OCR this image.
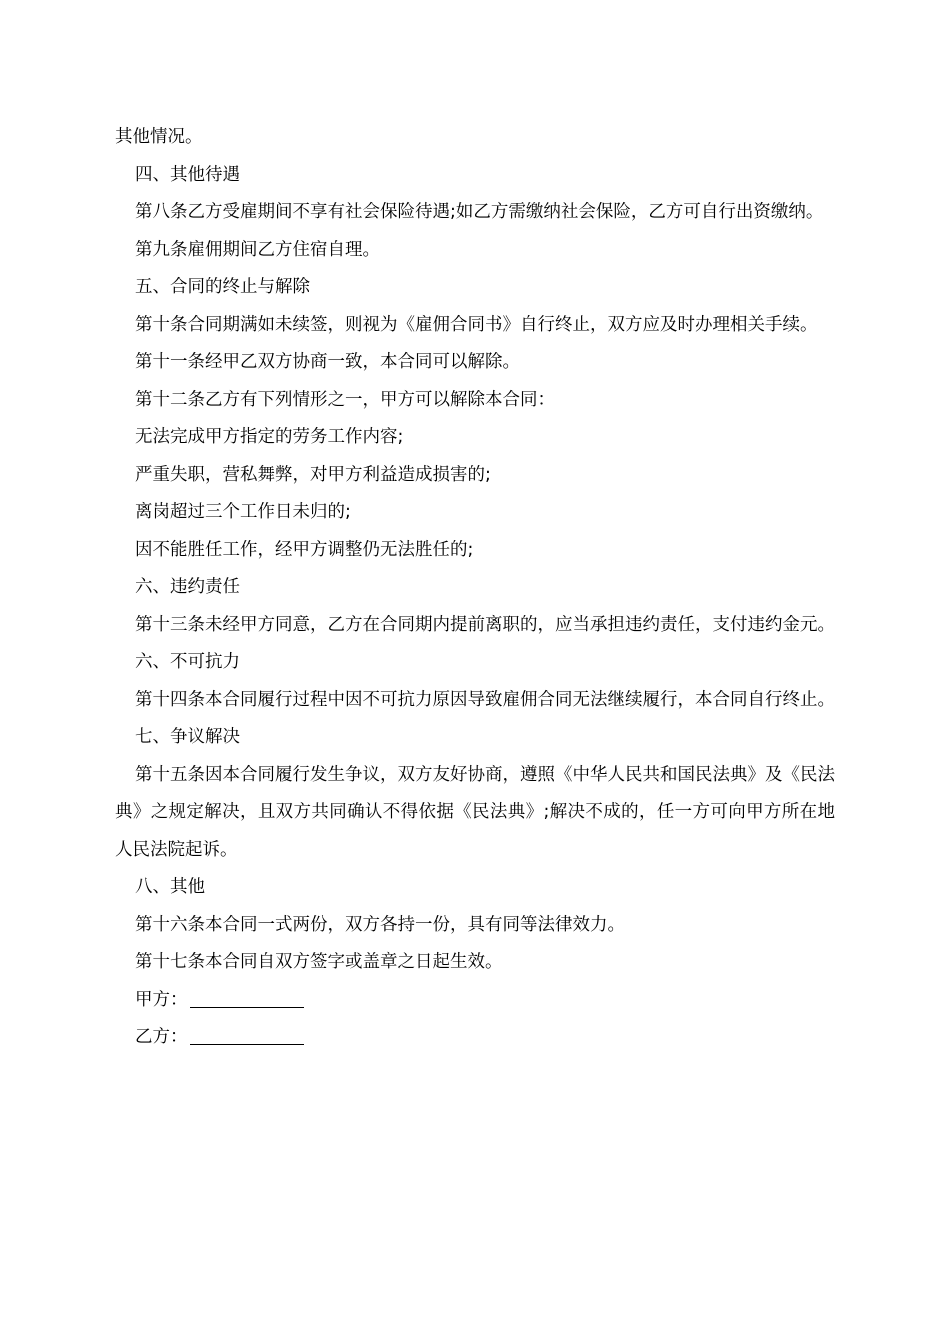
其他情况。

四、其他待遇

第八条乙方受雇期间不享有社会保险待遇;如乙方需缴纳社会保险，乙方可自行出资缴纳。

第九条雇佣期间乙方住宿自理。

五、合同的终止与解除

第十条合同期满如未续签，则视为《雇佣合同书》自行终止，双方应及时办理相关手续。

第十一条经甲乙双方协商一致，本合同可以解除。

第十二条乙方有下列情形之一，甲方可以解除本合同：

无法完成甲方指定的劳务工作内容;

严重失职，营私舞弊，对甲方利益造成损害的;

离岗超过三个工作日未归的;

因不能胜任工作，经甲方调整仍无法胜任的;

六、违约责任

第十三条未经甲方同意，乙方在合同期内提前离职的，应当承担违约责任，支付违约金元。

六、不可抗力

第十四条本合同履行过程中因不可抗力原因导致雇佣合同无法继续履行，本合同自行终止。

七、争议解决

第十五条因本合同履行发生争议，双方友好协商，遵照《中华人民共和国民法典》及《民法典》之规定解决，且双方共同确认不得依据《民法典》;解决不成的，任一方可向甲方所在地人民法院起诉。

八、其他

第十六条本合同一式两份，双方各持一份，具有同等法律效力。

第十七条本合同自双方签字或盖章之日起生效。

甲方：

乙方：
